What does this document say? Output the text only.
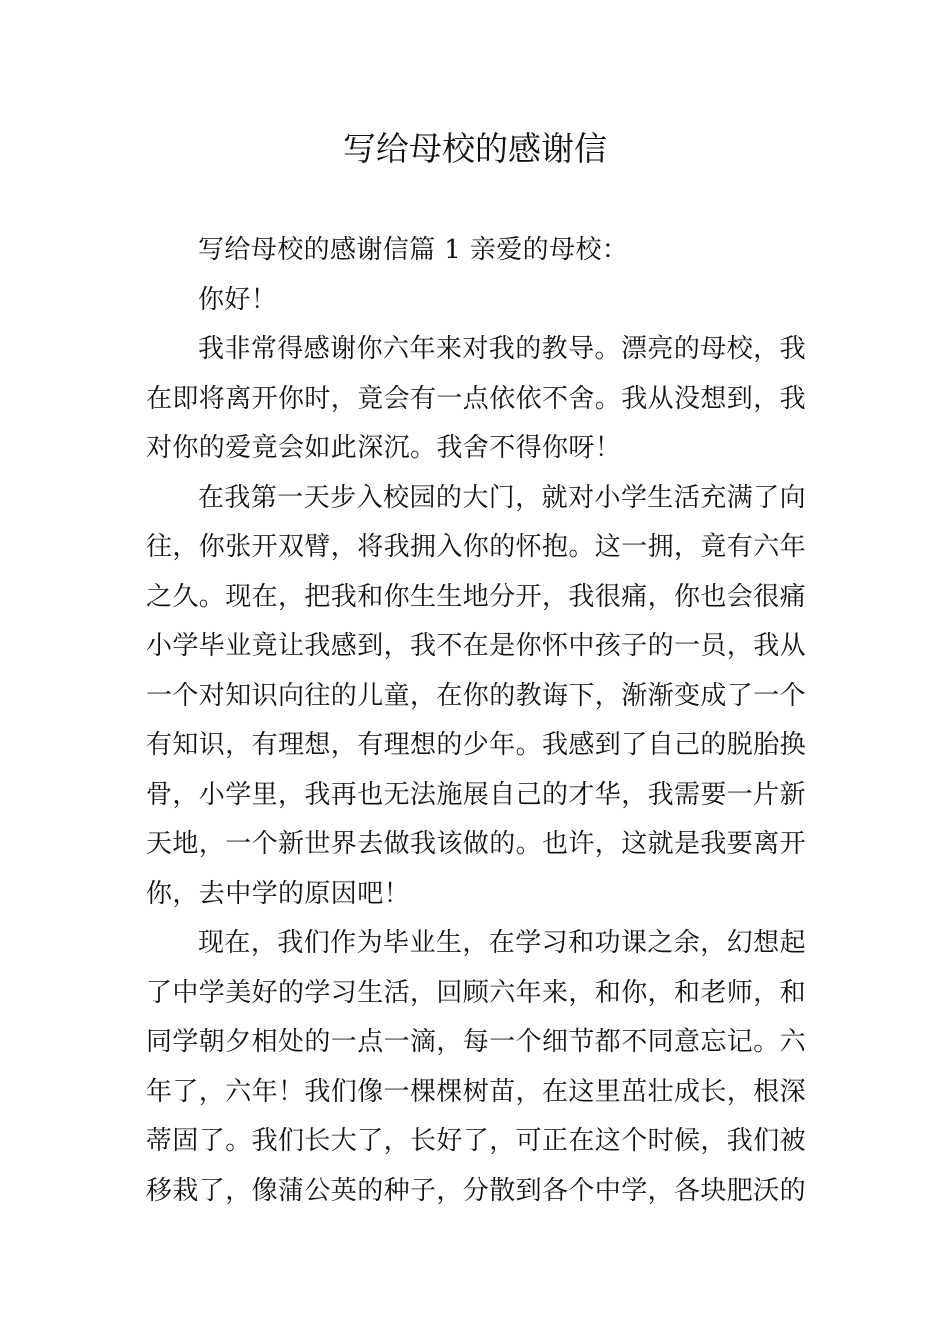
写给母校的感谢信

写给母校的感谢信篇 1 亲爱的母校：

你好！

我非常得感谢你六年来对我的教导。漂亮的母校，我在即将离开你时，竟会有一点依依不舍。我从没想到，我对你的爱竟会如此深沉。我舍不得你呀！

在我第一天步入校园的大门，就对小学生活充满了向往，你张开双臂，将我拥入你的怀抱。这一拥，竟有六年之久。现在，把我和你生生地分开，我很痛，你也会很痛小学毕业竟让我感到，我不在是你怀中孩子的一员，我从一个对知识向往的儿童，在你的教诲下，渐渐变成了一个有知识，有理想，有理想的少年。我感到了自己的脱胎换骨，小学里，我再也无法施展自己的才华，我需要一片新天地，一个新世界去做我该做的。也许，这就是我要离开你，去中学的原因吧！

现在，我们作为毕业生，在学习和功课之余，幻想起了中学美好的学习生活，回顾六年来，和你，和老师，和同学朝夕相处的一点一滴，每一个细节都不同意忘记。六年了，六年！我们像一棵棵树苗，在这里茁壮成长，根深蒂固了。我们长大了，长好了，可正在这个时候，我们被移栽了，像蒲公英的种子，分散到各个中学，各块肥沃的
